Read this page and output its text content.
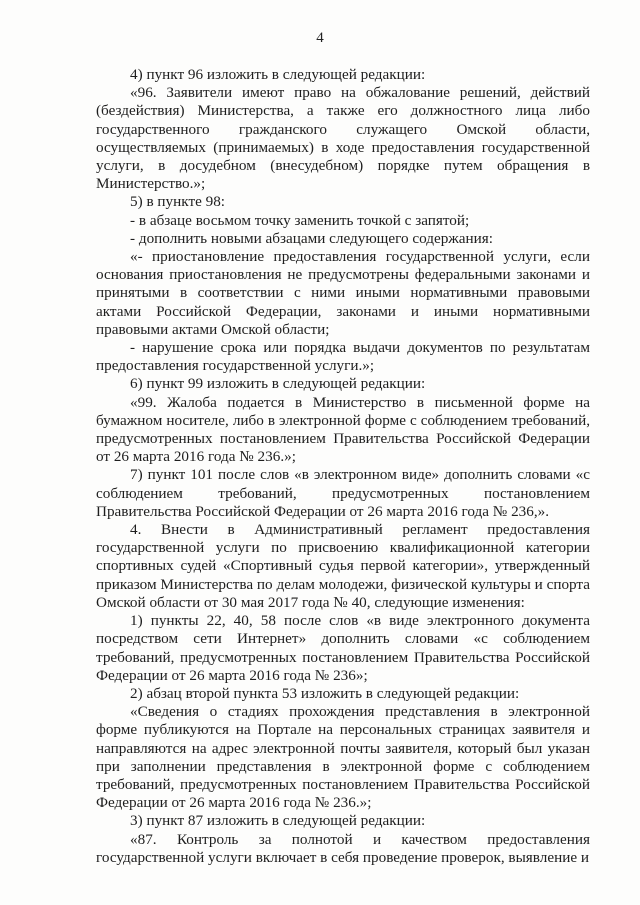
4

4) пункт 96 изложить в следующей редакции:

«96. Заявители имеют право на обжалование решений, действий (бездействия) Министерства, а также его должностного лица либо государственного гражданского служащего Омской области, осуществляемых (принимаемых) в ходе предоставления государственной услуги, в досудебном (внесудебном) порядке путем обращения в Министерство.»;

5) в пункте 98:

- в абзаце восьмом точку заменить точкой с запятой;

- дополнить новыми абзацами следующего содержания:

«- приостановление предоставления государственной услуги, если основания приостановления не предусмотрены федеральными законами и принятыми в соответствии с ними иными нормативными правовыми актами Российской Федерации, законами и иными нормативными правовыми актами Омской области;

- нарушение срока или порядка выдачи документов по результатам предоставления государственной услуги.»;

6) пункт 99 изложить в следующей редакции:

«99. Жалоба подается в Министерство в письменной форме на бумажном носителе, либо в электронной форме с соблюдением требований, предусмотренных постановлением Правительства Российской Федерации от 26 марта 2016 года № 236.»;

7) пункт 101 после слов «в электронном виде» дополнить словами «с соблюдением требований, предусмотренных постановлением Правительства Российской Федерации от 26 марта 2016 года № 236,».

4. Внести в Административный регламент предоставления государственной услуги по присвоению квалификационной категории спортивных судей «Спортивный судья первой категории», утвержденный приказом Министерства по делам молодежи, физической культуры и спорта Омской области от 30 мая 2017 года № 40, следующие изменения:

1) пункты 22, 40, 58 после слов «в виде электронного документа посредством сети Интернет» дополнить словами «с соблюдением требований, предусмотренных постановлением Правительства Российской Федерации от 26 марта 2016 года № 236»;

2) абзац второй пункта 53 изложить в следующей редакции:

«Сведения о стадиях прохождения представления в электронной форме публикуются на Портале на персональных страницах заявителя и направляются на адрес электронной почты заявителя, который был указан при заполнении представления в электронной форме с соблюдением требований, предусмотренных постановлением Правительства Российской Федерации от 26 марта 2016 года № 236.»;

3) пункт 87 изложить в следующей редакции:

«87. Контроль за полнотой и качеством предоставления государственной услуги включает в себя проведение проверок, выявление и
